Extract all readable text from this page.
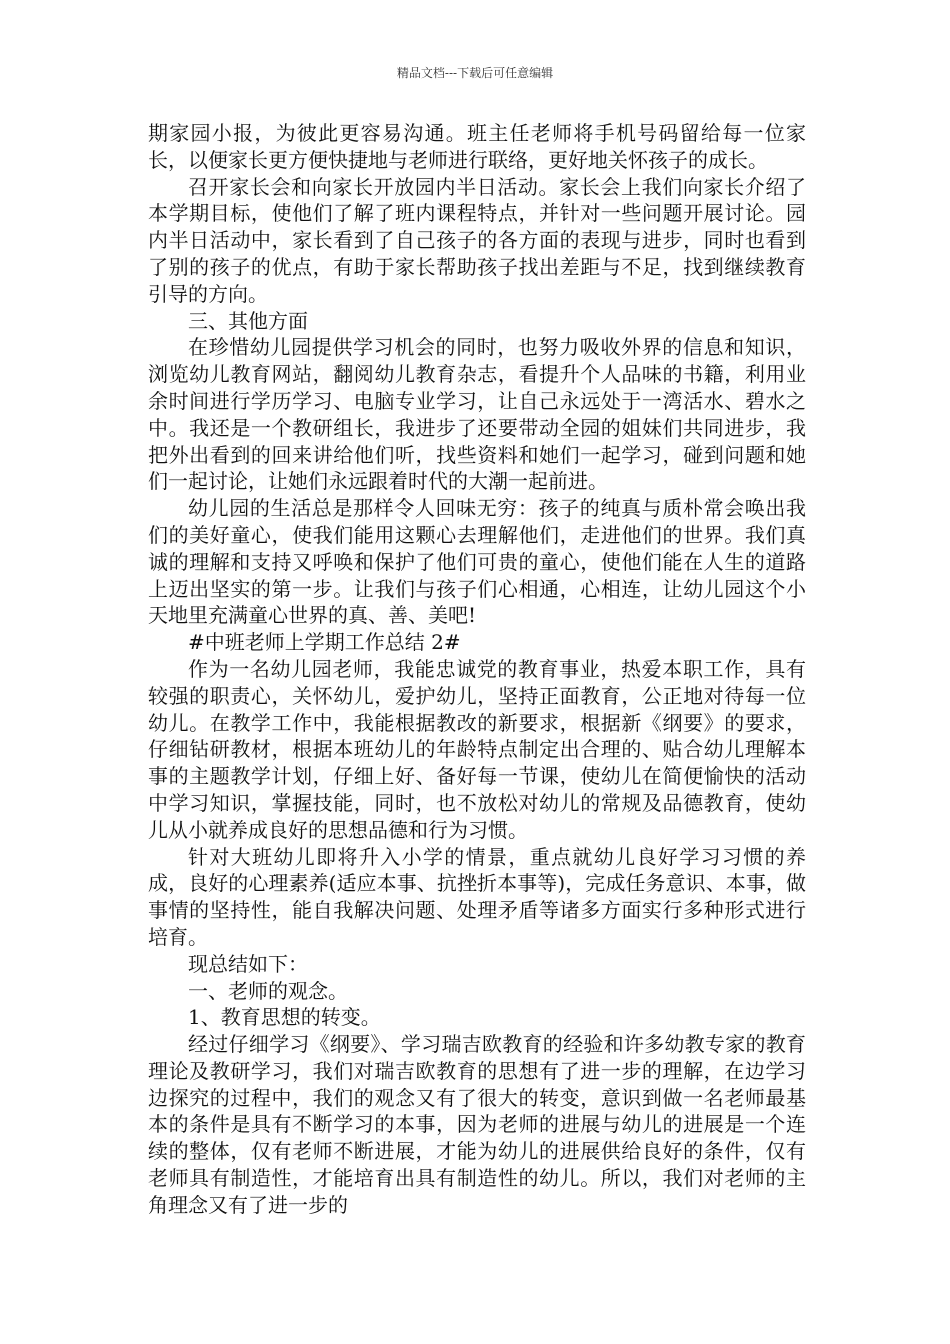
精品文档---下载后可任意编辑

期家园小报，为彼此更容易沟通。班主任老师将手机号码留给每一位家长，以便家长更方便快捷地与老师进行联络，更好地关怀孩子的成长。

召开家长会和向家长开放园内半日活动。家长会上我们向家长介绍了本学期目标，使他们了解了班内课程特点，并针对一些问题开展讨论。园内半日活动中，家长看到了自己孩子的各方面的表现与进步，同时也看到了别的孩子的优点，有助于家长帮助孩子找出差距与不足，找到继续教育引导的方向。

三、其他方面

在珍惜幼儿园提供学习机会的同时，也努力吸收外界的信息和知识，浏览幼儿教育网站，翻阅幼儿教育杂志，看提升个人品味的书籍，利用业余时间进行学历学习、电脑专业学习，让自己永远处于一湾活水、碧水之中。我还是一个教研组长，我进步了还要带动全园的姐妹们共同进步，我把外出看到的回来讲给他们听，找些资料和她们一起学习，碰到问题和她们一起讨论，让她们永远跟着时代的大潮一起前进。

幼儿园的生活总是那样令人回味无穷：孩子的纯真与质朴常会唤出我们的美好童心，使我们能用这颗心去理解他们，走进他们的世界。我们真诚的理解和支持又呼唤和保护了他们可贵的童心，使他们能在人生的道路上迈出坚实的第一步。让我们与孩子们心相通，心相连，让幼儿园这个小天地里充满童心世界的真、善、美吧!

#中班老师上学期工作总结 2#

作为一名幼儿园老师，我能忠诚党的教育事业，热爱本职工作，具有较强的职责心，关怀幼儿，爱护幼儿，坚持正面教育，公正地对待每一位幼儿。在教学工作中，我能根据教改的新要求，根据新《纲要》的要求，仔细钻研教材，根据本班幼儿的年龄特点制定出合理的、贴合幼儿理解本事的主题教学计划，仔细上好、备好每一节课，使幼儿在简便愉快的活动中学习知识，掌握技能，同时，也不放松对幼儿的常规及品德教育，使幼儿从小就养成良好的思想品德和行为习惯。

针对大班幼儿即将升入小学的情景，重点就幼儿良好学习习惯的养成，良好的心理素养(适应本事、抗挫折本事等)，完成任务意识、本事，做事情的坚持性，能自我解决问题、处理矛盾等诸多方面实行多种形式进行培育。

现总结如下：

一、老师的观念。

1、教育思想的转变。

经过仔细学习《纲要》、学习瑞吉欧教育的经验和许多幼教专家的教育理论及教研学习，我们对瑞吉欧教育的思想有了进一步的理解，在边学习边探究的过程中，我们的观念又有了很大的转变，意识到做一名老师最基本的条件是具有不断学习的本事，因为老师的进展与幼儿的进展是一个连续的整体，仅有老师不断进展，才能为幼儿的进展供给良好的条件，仅有老师具有制造性，才能培育出具有制造性的幼儿。所以，我们对老师的主角理念又有了进一步的
